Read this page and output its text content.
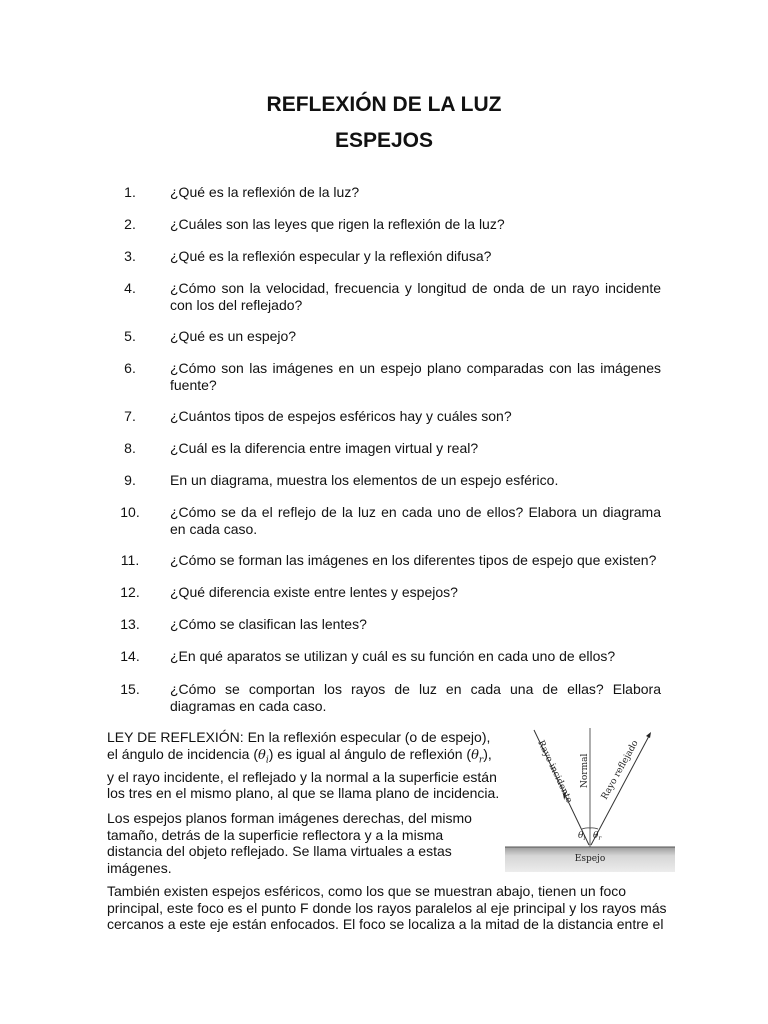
REFLEXIÓN DE LA LUZ
ESPEJOS
1.	¿Qué es la reflexión de la luz?
2.	¿Cuáles son las leyes que rigen la reflexión de la luz?
3.	¿Qué es la reflexión especular y la reflexión difusa?
4.	¿Cómo son la velocidad, frecuencia y longitud de onda de un rayo incidente con los del reflejado?
5.	¿Qué es un espejo?
6.	¿Cómo son las imágenes en un espejo plano comparadas con las imágenes fuente?
7.	¿Cuántos tipos de espejos esféricos hay y cuáles son?
8.	¿Cuál es la diferencia entre imagen virtual y real?
9.	En un diagrama, muestra los elementos de un espejo esférico.
10.	¿Cómo se da el reflejo de la luz en cada uno de ellos? Elabora un diagrama en cada caso.
11.	¿Cómo se forman las imágenes en los diferentes tipos de espejo que existen?
12.	¿Qué diferencia existe entre lentes y espejos?
13.	¿Cómo se clasifican las lentes?
14.	¿En qué aparatos se utilizan y cuál es su función en cada uno de ellos?
15.	¿Cómo se comportan los rayos de luz en cada una de ellas? Elabora diagramas en cada caso.
LEY DE REFLEXIÓN: En la reflexión especular (o de espejo),
el ángulo de incidencia $(\theta_i)$ es igual al ángulo de reflexión $(\theta_r)$,
y el rayo incidente, el reflejado y la normal a la superficie están
los tres en el mismo plano, al que se llama plano de incidencia.
Los espejos planos forman imágenes derechas, del mismo
tamaño, detrás de la superficie reflectora y a la misma
distancia del objeto reflejado. Se llama virtuales a estas
imágenes.
También existen espejos esféricos, como los que se muestran abajo, tienen un foco
principal, este foco es el punto F donde los rayos paralelos al eje principal y los rayos más
cercanos a este eje están enfocados. El foco se localiza a la mitad de la distancia entre el
Espejo
Normal
Rayo incidente	Rayo reflejado
$\theta_i$ $\theta_r$
